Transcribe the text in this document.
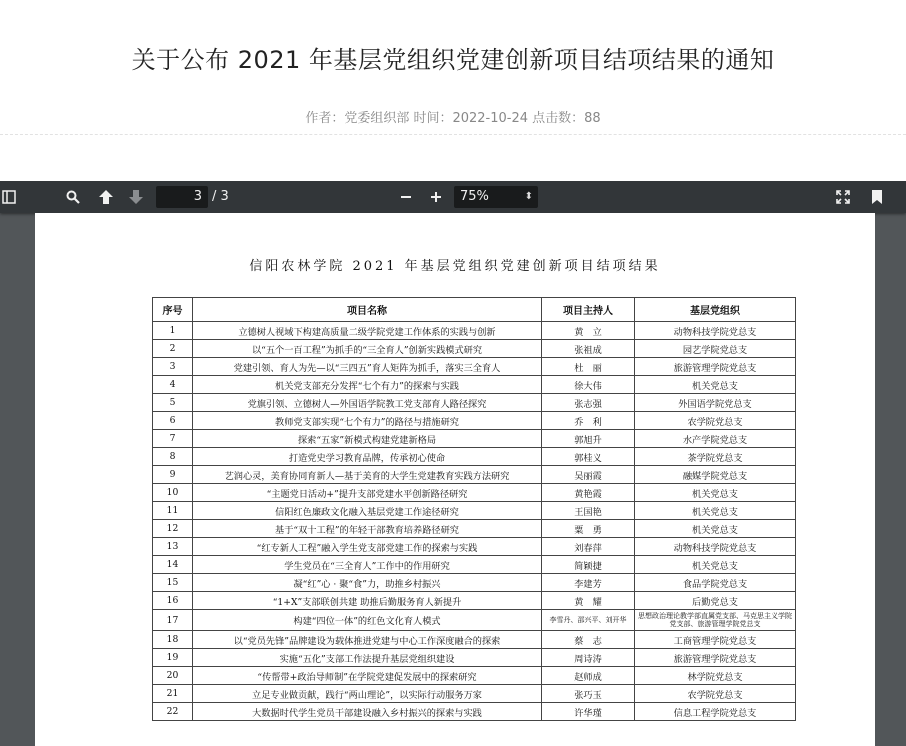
关于公布 2021 年基层党组织党建创新项目结项结果的通知
作者：党委组织部 时间：2022-10-24 点击数：88
3 / 3	75%	⬍
信阳农林学院 2021 年基层党组织党建创新项目结项结果
序号	项目名称	项目主持人	基层党组织
1	立德树人视域下构建高质量二级学院党建工作体系的实践与创新	黄　立	动物科技学院党总支
2	以“五个一百工程”为抓手的“三全育人”创新实践模式研究	张祖成	园艺学院党总支
3	党建引领、育人为先—以“三四五”育人矩阵为抓手，落实三全育人	杜　丽	旅游管理学院党总支
4	机关党支部充分发挥“七个有力”的探索与实践	徐大伟	机关党总支
5	党旗引领、立德树人—外国语学院教工党支部育人路径探究	张志强	外国语学院党总支
6	教师党支部实现“七个有力”的路径与措施研究	乔　利	农学院党总支
7	探索“五家”新模式构建党建新格局	郭旭升	水产学院党总支
8	打造党史学习教育品牌，传承初心使命	郭桂义	茶学院党总支
9	艺润心灵，美育协同育新人—基于美育的大学生党建教育实践方法研究	吴丽霞	融媒学院党总支
10	“主题党日活动+”提升支部党建水平创新路径研究	黄艳霞	机关党总支
11	信阳红色廉政文化融入基层党建工作途径研究	王国艳	机关党总支
12	基于“双十工程”的年轻干部教育培养路径研究	粟　勇	机关党总支
13	“红专新人工程”融入学生党支部党建工作的探索与实践	刘春萍	动物科技学院党总支
14	学生党员在“三全育人”工作中的作用研究	简颖捷	机关党总支
15	凝“红”心 · 聚“食”力，助推乡村振兴	李建芳	食品学院党总支
16	“1+X”支部联创共建 助推后勤服务育人新提升	黄　耀	后勤党总支
17	构建“四位一体”的红色文化育人模式	李雪丹、邵兴平、刘开华	思想政治理论教学部直属党支部、马克思主义学院党支部、旅游管理学院党总支
18	以“党员先锋”品牌建设为载体推进党建与中心工作深度融合的探索	蔡　志	工商管理学院党总支
19	实施“五化”支部工作法提升基层党组织建设	周诗涛	旅游管理学院党总支
20	“传帮带+政治导师制”在学院党建促发展中的探索研究	赵师成	林学院党总支
21	立足专业做贡献，践行“两山理论”，以实际行动服务万家	张巧玉	农学院党总支
22	大数据时代学生党员干部建设融入乡村振兴的探索与实践	许华瑾	信息工程学院党总支
